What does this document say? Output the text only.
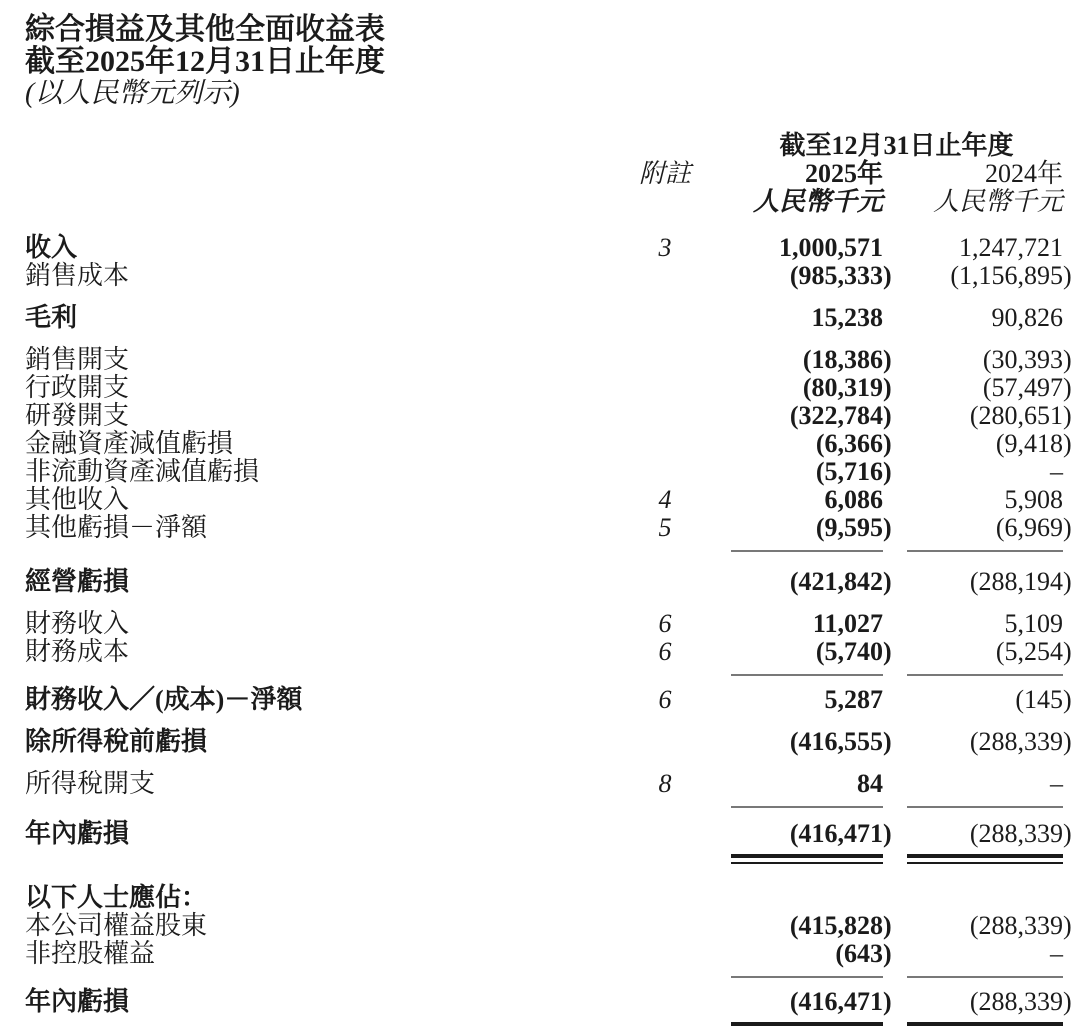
綜合損益及其他全面收益表
截至2025年12月31日止年度
(以人民幣元列示)
截至12月31日止年度
附註	2025年	2024年
人民幣千元	人民幣千元
收入	3	1,000,571	1,247,721
銷售成本	(985,333)	(1,156,895)
毛利	15,238	90,826
銷售開支	(18,386)	(30,393)
行政開支	(80,319)	(57,497)
研發開支	(322,784)	(280,651)
金融資產減值虧損	(6,366)	(9,418)
非流動資產減值虧損	(5,716)	–
其他收入	4	6,086	5,908
其他虧損－淨額	5	(9,595)	(6,969)
經營虧損	(421,842)	(288,194)
財務收入	6	11,027	5,109
財務成本	6	(5,740)	(5,254)
財務收入／(成本)－淨額	6	5,287	(145)
除所得稅前虧損	(416,555)	(288,339)
所得稅開支	8	84	–
年內虧損	(416,471)	(288,339)
以下人士應佔：
本公司權益股東	(415,828)	(288,339)
非控股權益	(643)	–
年內虧損	(416,471)	(288,339)
